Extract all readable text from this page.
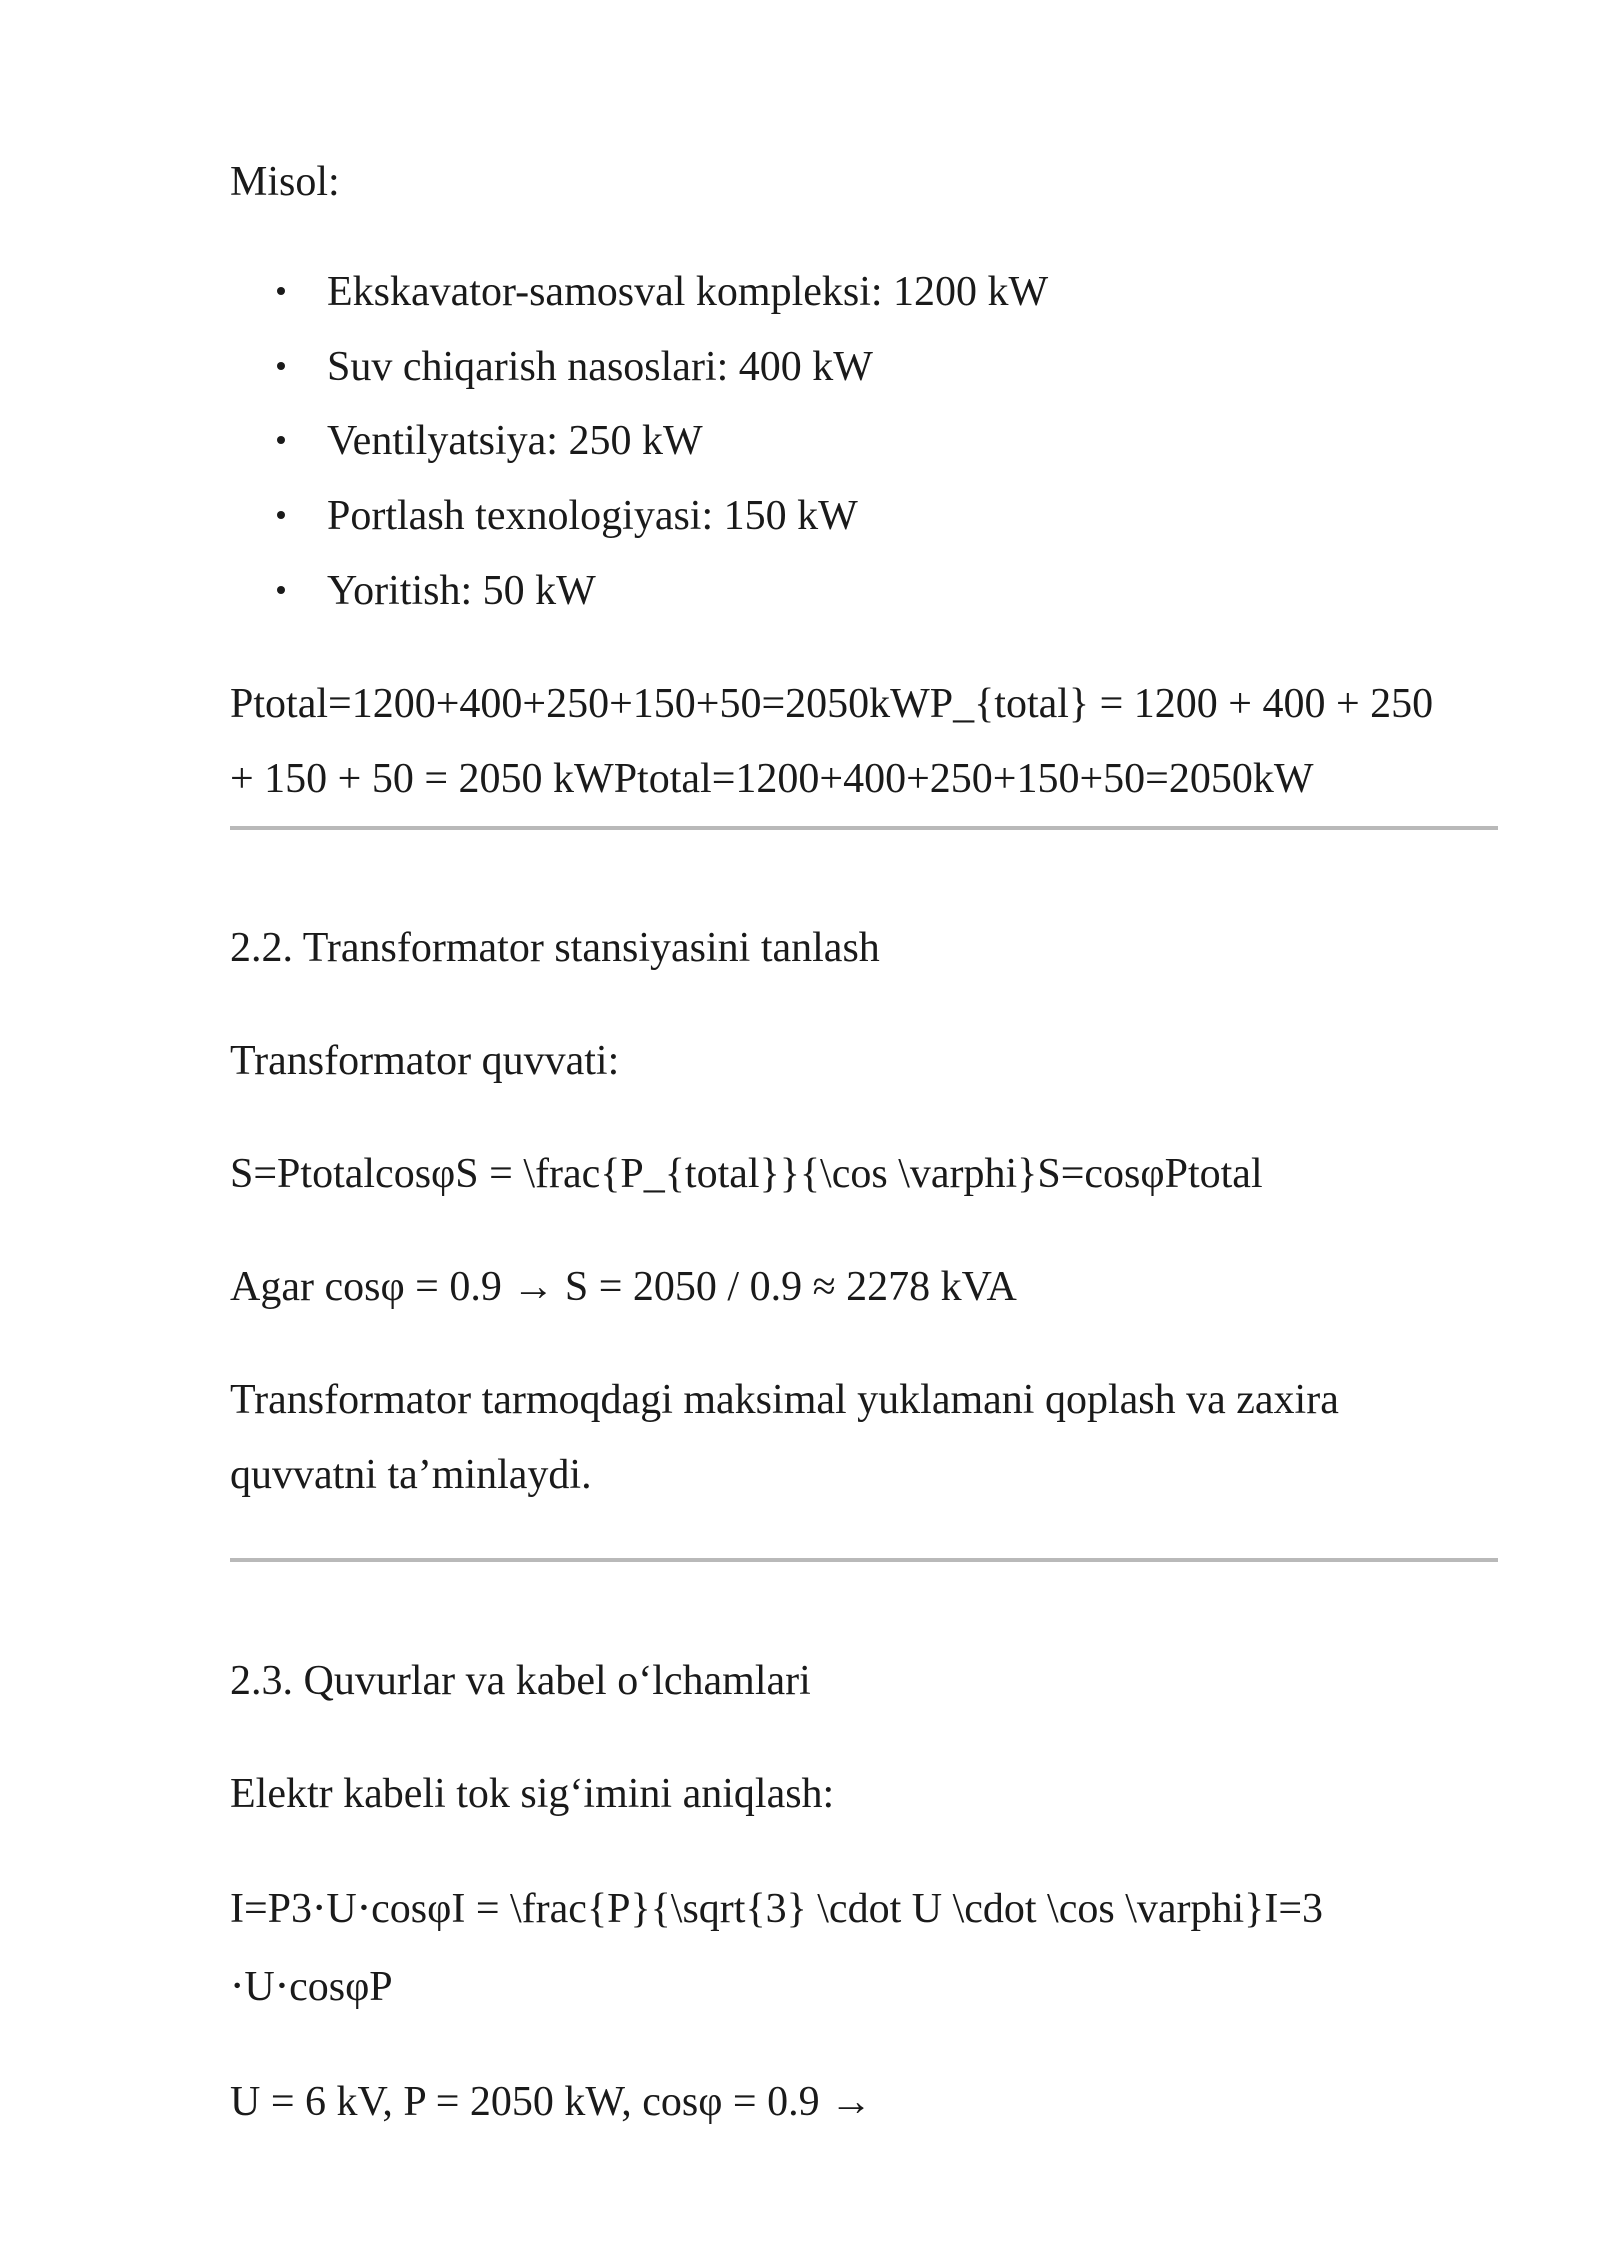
Misol:
Ekskavator-samosval kompleksi: 1200 kW
Suv chiqarish nasoslari: 400 kW
Ventilyatsiya: 250 kW
Portlash texnologiyasi: 150 kW
Yoritish: 50 kW
Ptotal=1200+400+250+150+50=2050kWP_{total} = 1200 + 400 + 250
+ 150 + 50 = 2050 kWPtotal=1200+400+250+150+50=2050kW
2.2. Transformator stansiyasini tanlash
Transformator quvvati:
S=PtotalcosφS = \frac{P_{total}}{\cos \varphi}S=cosφPtotal
Agar cosφ = 0.9 → S = 2050 / 0.9 ≈ 2278 kVA
Transformator tarmoqdagi maksimal yuklamani qoplash va zaxira
quvvatni ta’minlaydi.
2.3. Quvurlar va kabel o‘lchamlari
Elektr kabeli tok sig‘imini aniqlash:
I=P3⋅U⋅cosφI = \frac{P}{\sqrt{3} \cdot U \cdot \cos \varphi}I=3
⋅U⋅cosφP
U = 6 kV, P = 2050 kW, cosφ = 0.9 →
